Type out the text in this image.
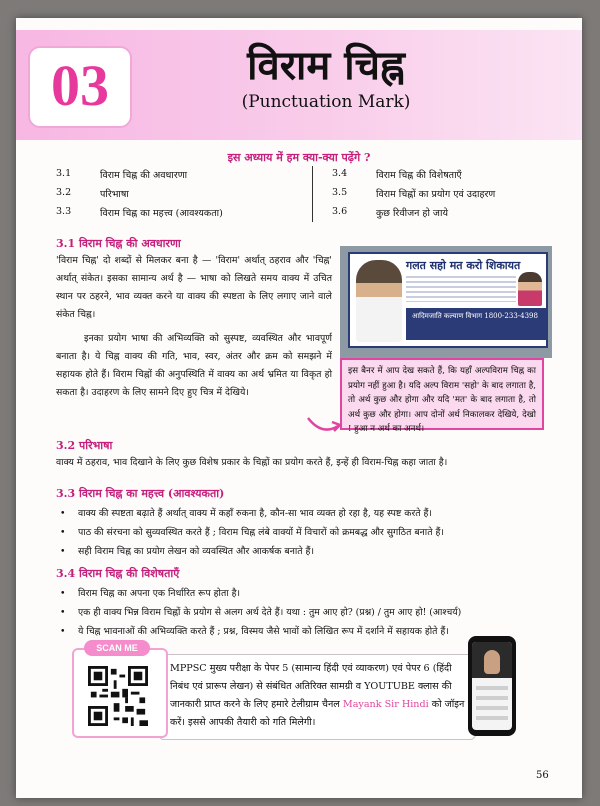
03	विराम चिह्न
(Punctuation Mark)
इस अध्याय में हम क्या-क्या पढ़ेंगे ?
3.1	विराम चिह्न की अवधारणा
3.2	परिभाषा
3.3	विराम चिह्न का महत्त्व (आवश्यकता)
3.4	विराम चिह्न की विशेषताएँ
3.5	विराम चिह्नों का प्रयोग एवं उदाहरण
3.6	कुछ रिवीजन हो जाये
3.1 विराम चिह्न की अवधारणा
'विराम चिह्न' दो शब्दों से मिलकर बना है — 'विराम' अर्थात् ठहराव और 'चिह्न' अर्थात् संकेत। इसका सामान्य अर्थ है — भाषा को लिखते समय वाक्य में उचित स्थान पर ठहरने, भाव व्यक्त करने या वाक्य की स्पष्टता के लिए लगाए जाने वाले संकेत चिह्न।
इनका प्रयोग भाषा की अभिव्यक्ति को सुस्पष्ट, व्यवस्थित और भावपूर्ण बनाता है। ये चिह्न वाक्य की गति, भाव, स्वर, अंतर और क्रम को समझने में सहायक होते हैं। विराम चिह्नों की अनुपस्थिति में वाक्य का अर्थ भ्रमित या विकृत हो सकता है। उदाहरण के लिए सामने दिए हुए चित्र में देखिये।
गलत सहो मत करो शिकायत
आदिमजाति कल्याण विभाग 1800-233-4398
इस बैनर में आप देख सकते हैं, कि यहाँ अल्पविराम चिह्न का प्रयोग नहीं हुआ है। यदि अल्प विराम 'सहो' के बाद लगाता है, तो अर्थ कुछ और होगा और यदि 'मत' के बाद लगाता है, तो अर्थ कुछ और होगा। आप दोनों अर्थ निकालकर देखिये, देखो ! हुआ न अर्थ का अनर्थ।
3.2 परिभाषा
वाक्य में ठहराव, भाव दिखाने के लिए कुछ विशेष प्रकार के चिह्नों का प्रयोग करते हैं, इन्हें ही विराम-चिह्न कहा जाता है।
3.3 विराम चिह्न का महत्त्व (आवश्यकता)
•	वाक्य की स्पष्टता बढ़ाते हैं अर्थात् वाक्य में कहाँ रुकना है, कौन-सा भाव व्यक्त हो रहा है, यह स्पष्ट करते हैं।
•	पाठ की संरचना को सुव्यवस्थित करते हैं ; विराम चिह्न लंबे वाक्यों में विचारों को क्रमबद्ध और सुगठित बनाते हैं।
•	सही विराम चिह्न का प्रयोग लेखन को व्यवस्थित और आकर्षक बनाते हैं।
3.4 विराम चिह्न की विशेषताएँ
•	विराम चिह्न का अपना एक निर्धारित रूप होता है।
•	एक ही वाक्य भिन्न विराम चिह्नों के प्रयोग से अलग अर्थ देते हैं। यथा : तुम आए हो? (प्रश्न) / तुम आए हो! (आश्चर्य)
•	ये चिह्न भावनाओं की अभिव्यक्ति करते हैं ; प्रश्न, विस्मय जैसे भावों को लिखित रूप में दर्शाने में सहायक होते हैं।
SCAN ME
MPPSC मुख्य परीक्षा के पेपर 5 (सामान्य हिंदी एवं व्याकरण) एवं पेपर 6 (हिंदी निबंध एवं प्रारूप लेखन) से संबंधित अतिरिक्त सामग्री व YOUTUBE क्लास की जानकारी प्राप्त करने के लिए हमारे टेलीग्राम चैनल Mayank Sir Hindi को जॉइन करें। इससे आपकी तैयारी को गति मिलेगी।
56
